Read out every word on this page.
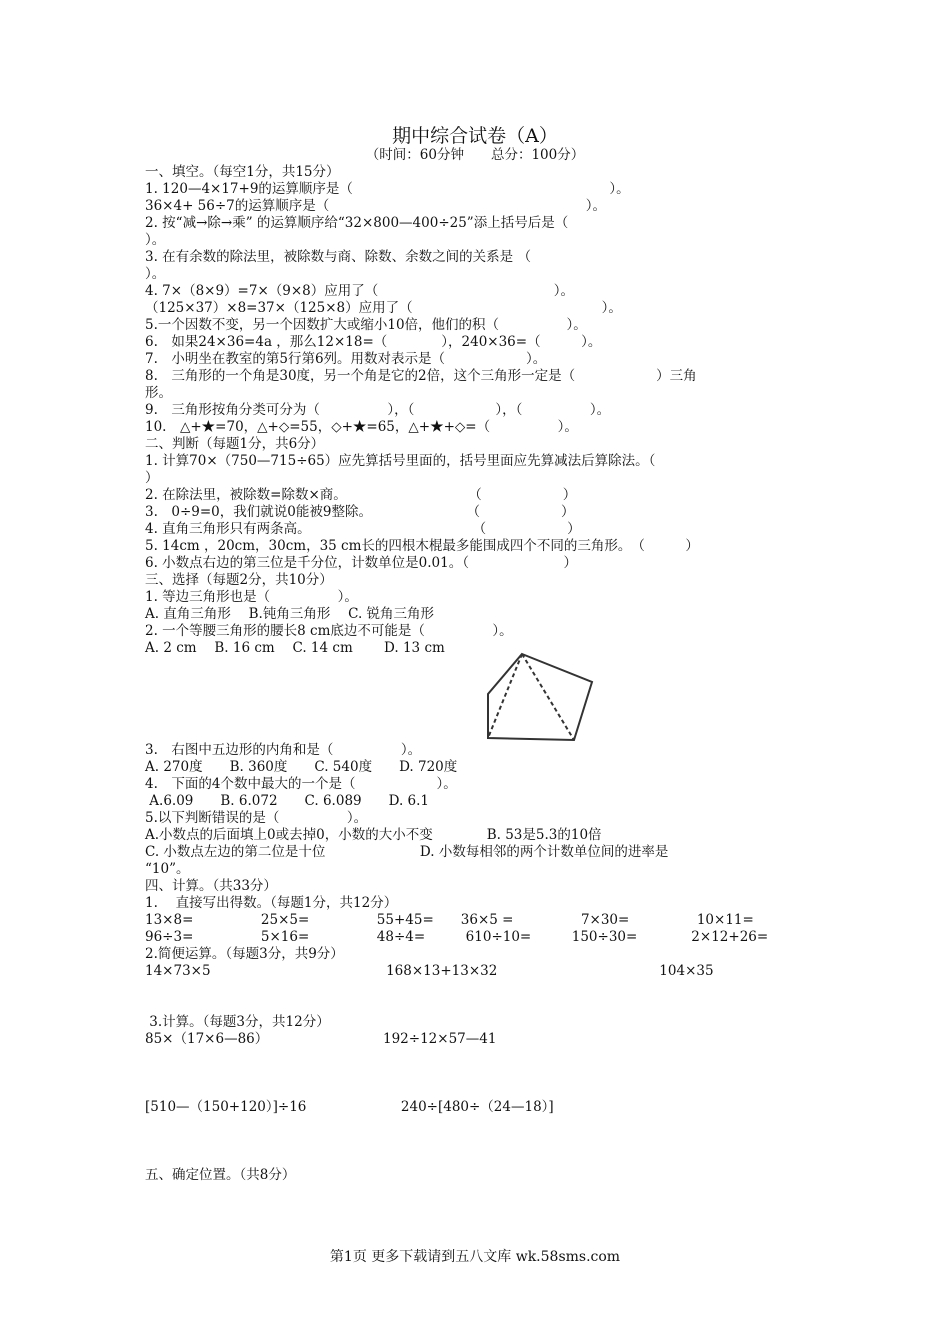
期中综合试卷（A）
（时间：60分钟　　总分：100分）
一、填空。（每空1分，共15分）
1. 120—4×17+9的运算顺序是（　　　　　　　　　　　　　　　　　　　）。
36×4+ 56÷7的运算顺序是（　　　　　　　　　　　　　　　　　　　）。
2. 按“减→除→乘” 的运算顺序给“32×800—400÷25”添上括号后是（
）。
3. 在有余数的除法里，被除数与商、除数、余数之间的关系是 （
）。
4. 7×（8×9）=7×（9×8）应用了（　　　　　　　　　　　　　）。
（125×37）×8=37×（125×8）应用了（　　　　　　　　　　　　　　）。
5.一个因数不变，另一个因数扩大或缩小10倍，他们的积（　　　　　）。
6.　如果24×36=4a ，那么12×18=（　　　　），240×36=（　　　）。
7.　小明坐在教室的第5行第6列。用数对表示是（　　　　　　）。
8.　三角形的一个角是30度，另一个角是它的2倍，这个三角形一定是（　　　　　　）三角
形。
9.　三角形按角分类可分为（　　　　　），（　　　　　　），（　　　　　）。
10.　△+★=70，△+◇=55，◇+★=65，△+★+◇=（　　　　　）。
二、判断（每题1分，共6分）
1. 计算70×（750—715÷65）应先算括号里面的，括号里面应先算减法后算除法。（
）
2. 在除法里，被除数=除数×商。　　　　　　　　　　（　　　　　　）
3.　0÷9=0，我们就说0能被9整除。　　　　　　　　（　　　　　　）
4. 直角三角形只有两条高。　　　　　　　　　　　　　（　　　　　　）
5. 14cm ，20cm，30cm，35 cm长的四根木棍最多能围成四个不同的三角形。　（　　　）
6. 小数点右边的第三位是千分位，计数单位是0.01。（　　　　　　　）
三、选择（每题2分，共10分）
1. 等边三角形也是（　　　　　）。
A. 直角三角形　 B.钝角三角形　 C. 锐角三角形
2. 一个等腰三角形的腰长8 cm底边不可能是（　　　　　）。
A. 2 cm　 B. 16 cm　 C. 14 cm　　 D. 13 cm
3.　右图中五边形的内角和是（　　　　　）。
A. 270度　　B. 360度　　C. 540度　　D. 720度
4.　下面的4个数中最大的一个是（　　　　　　）。
A.6.09　　B. 6.072　　C. 6.089　　D. 6.1
5.以下判断错误的是（　　　　　）。
A.小数点的后面填上0或去掉0，小数的大小不变　　　　B. 53是5.3的10倍
C. 小数点左边的第二位是十位　　　　　　　D. 小数每相邻的两个计数单位间的进率是
“10”。
四、计算。（共33分）
1.　 直接写出得数。（每题1分，共12分）
13×8=　　　　　25×5=　　　　　55+45=　　36×5 =　　　　　7×30=　　　　　10×11=
96÷3=　　　　　5×16=　　　　　48÷4=　　　610÷10=　　　150÷30=　　　　2×12+26=
2.简便运算。（每题3分，共9分）
14×73×5　　　　　　　　　　　　　168×13+13×32　　　　　　　　　　　　104×35
3.计算。（每题3分，共12分）
85×（17×6—86）　　　　　　　　　192÷12×57—41
[510—（150+120）]÷16　　　　　　　240÷[480÷（24—18）]
五、确定位置。（共8分）
第1页 更多下载请到五八文库 wk.58sms.com
